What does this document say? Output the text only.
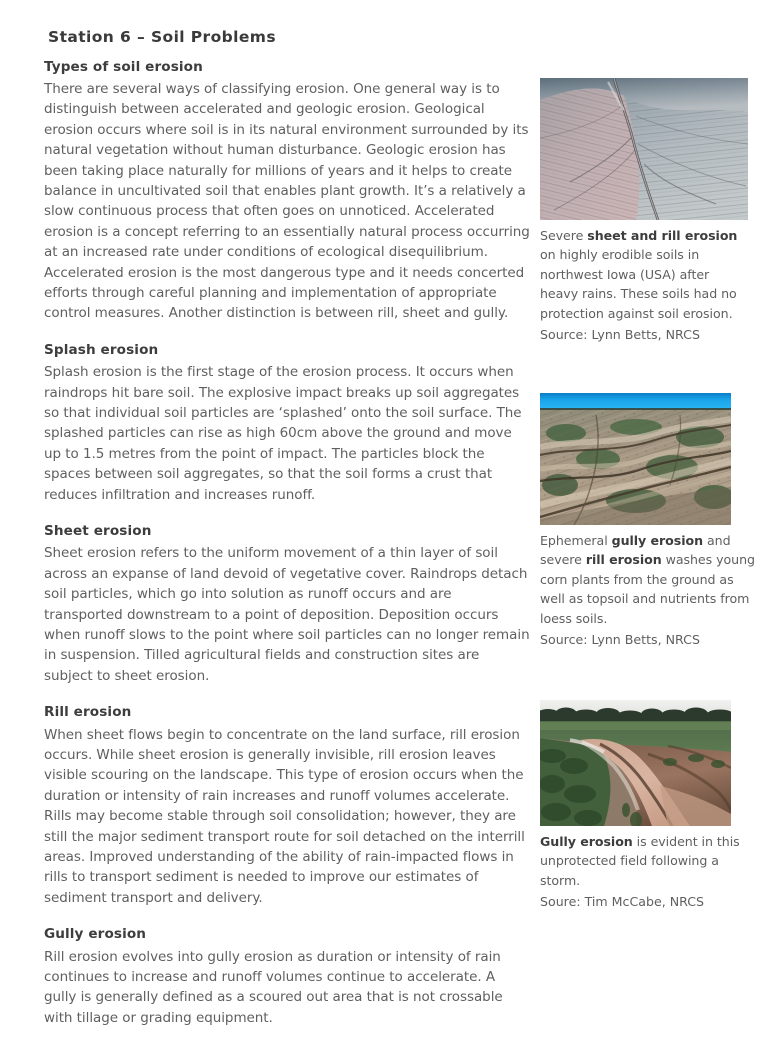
Station 6 – Soil Problems
Types of soil erosion

There are several ways of classifying erosion. One general way is to distinguish between accelerated and geologic erosion. Geological erosion occurs where soil is in its natural environment surrounded by its natural vegetation without human disturbance. Geologic erosion has been taking place naturally for millions of years and it helps to create balance in uncultivated soil that enables plant growth. It’s a relatively a slow continuous process that often goes on unnoticed. Accelerated erosion is a concept referring to an essentially natural process occurring at an increased rate under conditions of ecological disequilibrium. Accelerated erosion is the most dangerous type and it needs concerted efforts through careful planning and implementation of appropriate control measures. Another distinction is between rill, sheet and gully.

Splash erosion

Splash erosion is the first stage of the erosion process. It occurs when raindrops hit bare soil. The explosive impact breaks up soil aggregates so that individual soil particles are ‘splashed’ onto the soil surface. The splashed particles can rise as high 60cm above the ground and move up to 1.5 metres from the point of impact. The particles block the spaces between soil aggregates, so that the soil forms a crust that reduces infiltration and increases runoff.

Sheet erosion

Sheet erosion refers to the uniform movement of a thin layer of soil across an expanse of land devoid of vegetative cover. Raindrops detach soil particles, which go into solution as runoff occurs and are transported downstream to a point of deposition. Deposition occurs when runoff slows to the point where soil particles can no longer remain in suspension. Tilled agricultural fields and construction sites are subject to sheet erosion.

Rill erosion

When sheet flows begin to concentrate on the land surface, rill erosion occurs. While sheet erosion is generally invisible, rill erosion leaves visible scouring on the landscape. This type of erosion occurs when the duration or intensity of rain increases and runoff volumes accelerate. Rills may become stable through soil consolidation; however, they are still the major sediment transport route for soil detached on the interrill areas. Improved understanding of the ability of rain-impacted flows in rills to transport sediment is needed to improve our estimates of sediment transport and delivery.

Gully erosion

Rill erosion evolves into gully erosion as duration or intensity of rain continues to increase and runoff volumes continue to accelerate. A gully is generally defined as a scoured out area that is not crossable with tillage or grading equipment.

Severe sheet and rill erosion on highly erodible soils in northwest Iowa (USA) after heavy rains. These soils had no protection against soil erosion.

Source: Lynn Betts, NRCS

Ephemeral gully erosion and severe rill erosion washes young corn plants from the ground as well as topsoil and nutrients from loess soils.

Source: Lynn Betts, NRCS

Gully erosion is evident in this unprotected field following a storm.

Soure: Tim McCabe, NRCS
